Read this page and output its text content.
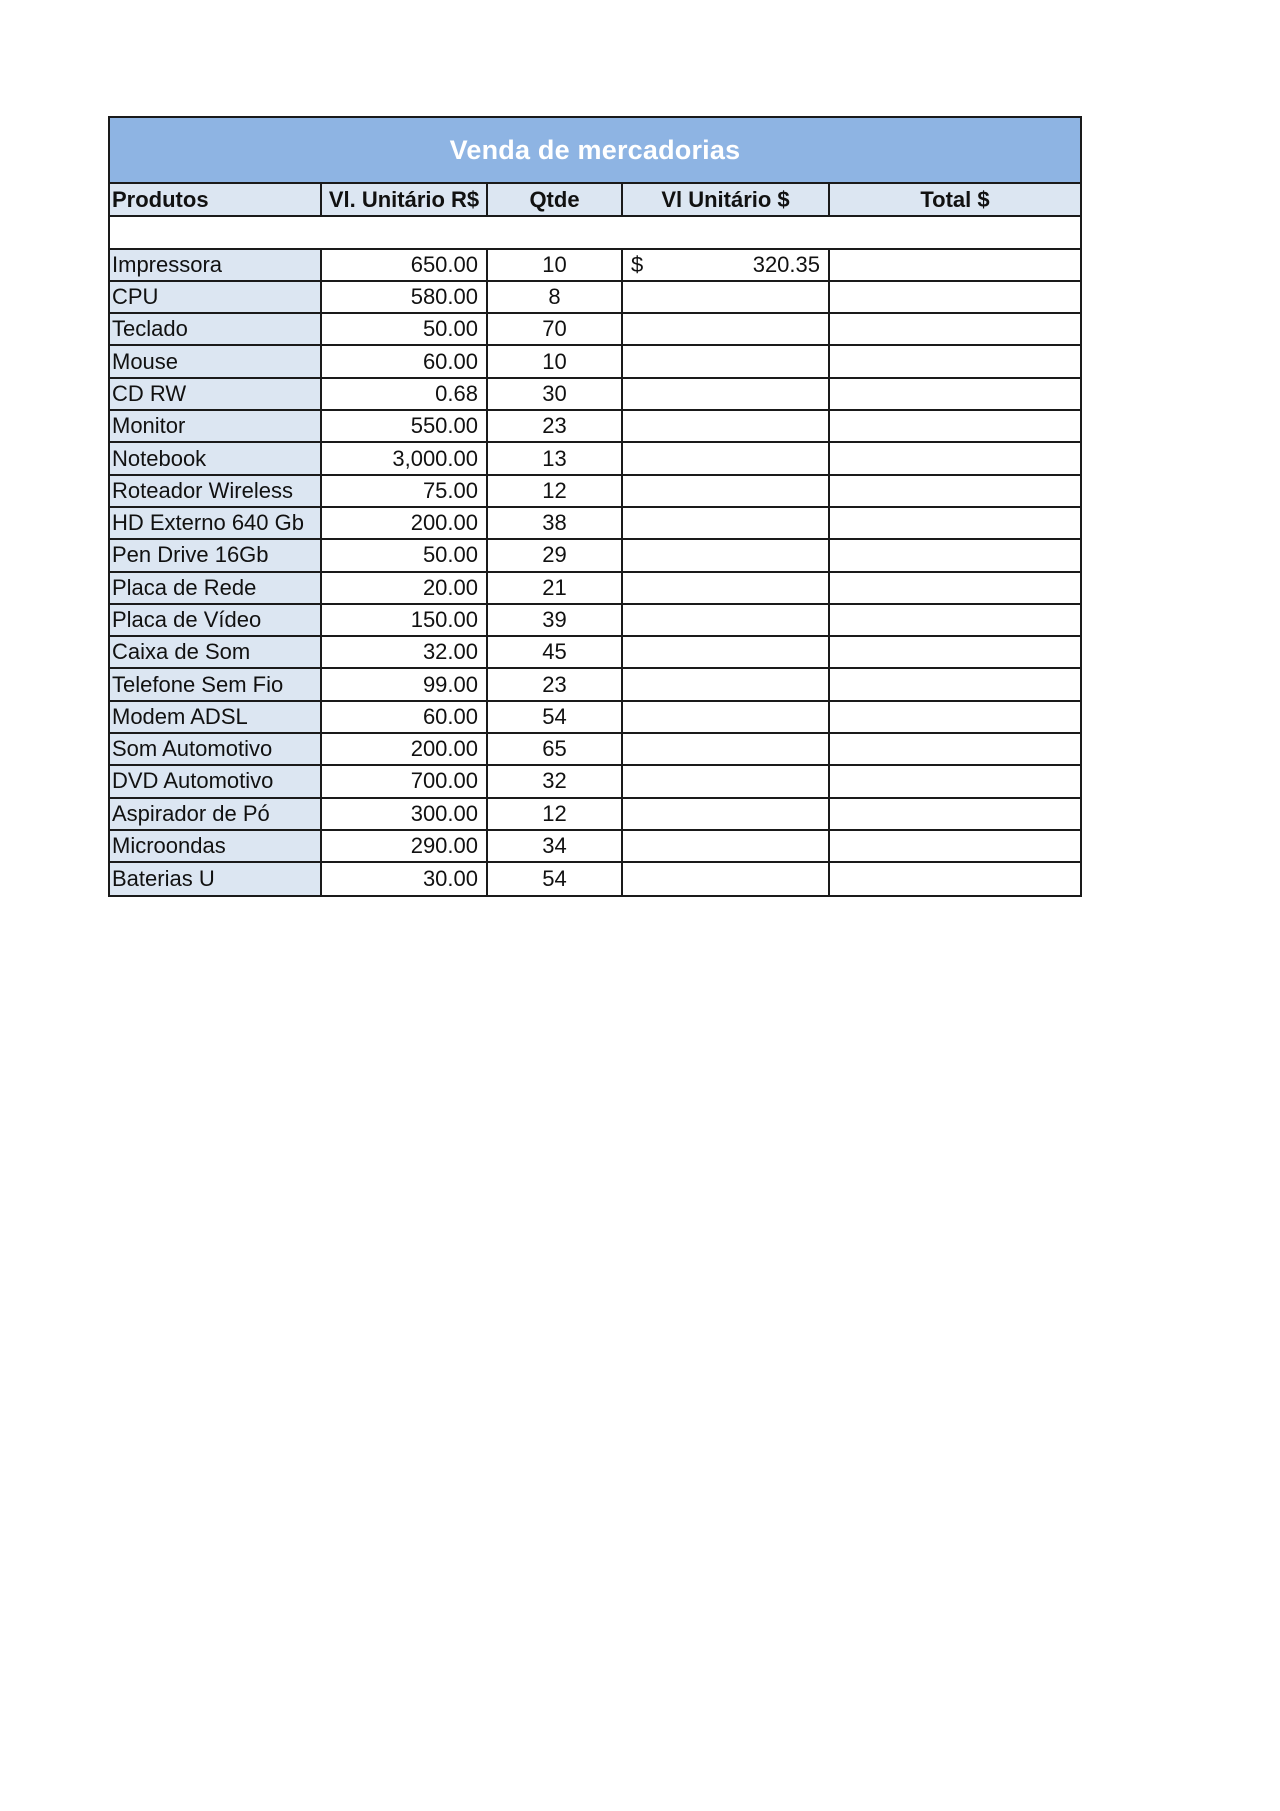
Venda de mercadorias
Produtos	Vl. Unitário R$	Qtde	Vl Unitário $	Total $

Impressora	650.00	10	$ 320.35	
CPU	580.00	8	

Teclado	50.00	70	

Mouse	60.00	10	

CD RW	0.68	30	

Monitor	550.00	23	

Notebook	3,000.00	13	

Roteador Wireless	75.00	12	

HD Externo 640 Gb	200.00	38	

Pen Drive 16Gb	50.00	29	

Placa de Rede	20.00	21	

Placa de Vídeo	150.00	39	

Caixa de Som	32.00	45	

Telefone Sem Fio	99.00	23	

Modem ADSL	60.00	54	

Som Automotivo	200.00	65	

DVD Automotivo	700.00	32	

Aspirador de Pó	300.00	12	

Microondas	290.00	34	

Baterias U	30.00	54	
